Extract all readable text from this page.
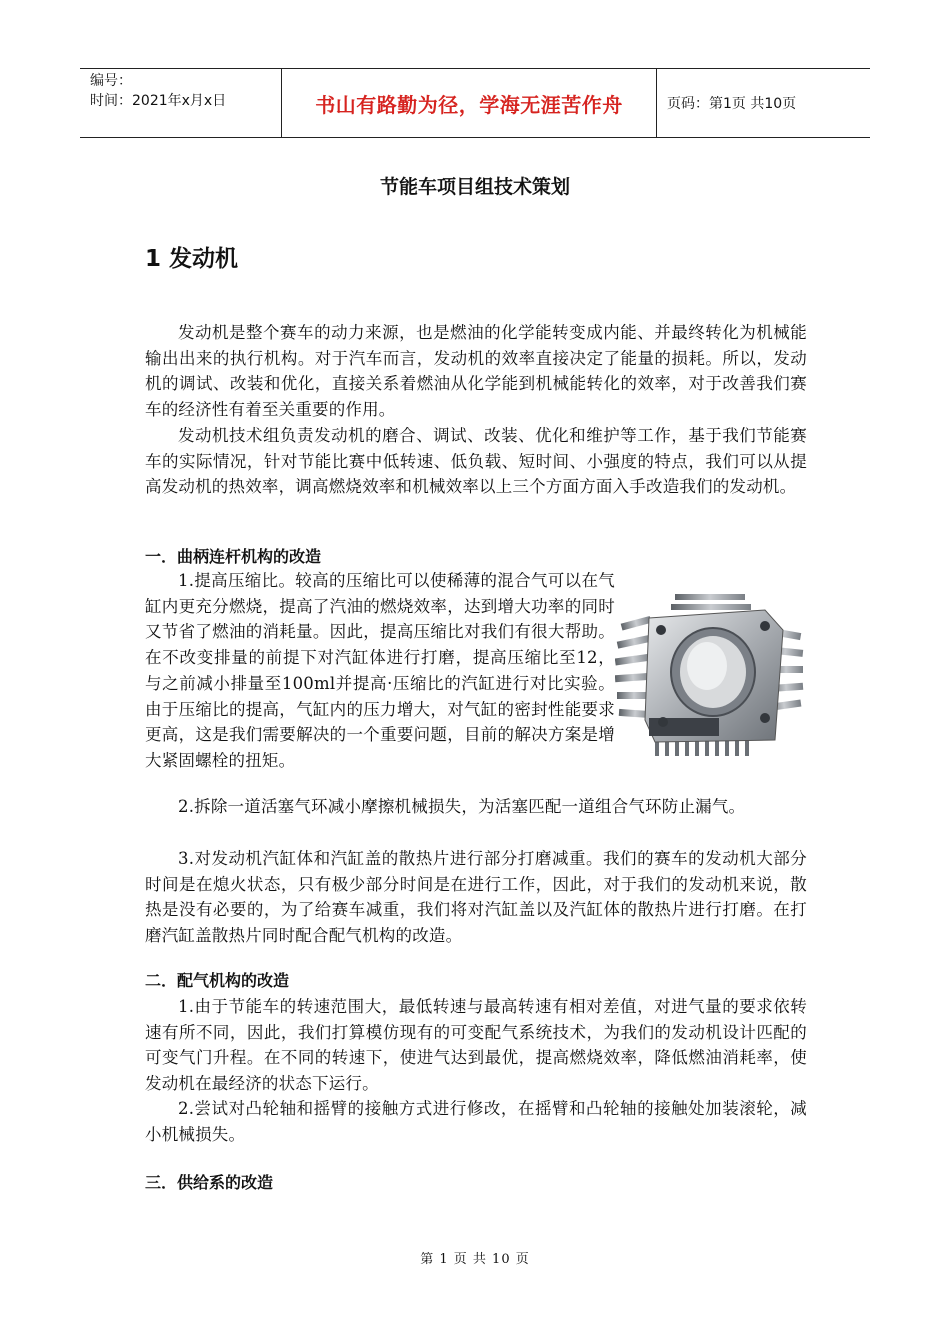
编号：
时间：2021年x月x日	书山有路勤为径，学海无涯苦作舟	页码：第1页 共10页
节能车项目组技术策划
1 发动机

发动机是整个赛车的动力来源，也是燃油的化学能转变成内能、并最终转化为机械能输出出来的执行机构。对于汽车而言，发动机的效率直接决定了能量的损耗。所以，发动机的调试、改装和优化，直接关系着燃油从化学能到机械能转化的效率，对于改善我们赛车的经济性有着至关重要的作用。

发动机技术组负责发动机的磨合、调试、改装、优化和维护等工作，基于我们节能赛车的实际情况，针对节能比赛中低转速、低负载、短时间、小强度的特点，我们可以从提高发动机的热效率，调高燃烧效率和机械效率以上三个方面方面入手改造我们的发动机。

一．曲柄连杆机构的改造

1.提高压缩比。较高的压缩比可以使稀薄的混合气可以在气缸内更充分燃烧，提高了汽油的燃烧效率，达到增大功率的同时又节省了燃油的消耗量。因此，提高压缩比对我们有很大帮助。在不改变排量的前提下对汽缸体进行打磨，提高压缩比至12，与之前减小排量至100ml并提高·压缩比的汽缸进行对比实验。由于压缩比的提高，气缸内的压力增大，对气缸的密封性能要求更高，这是我们需要解决的一个重要问题，目前的解决方案是增大紧固螺栓的扭矩。

2.拆除一道活塞气环减小摩擦机械损失，为活塞匹配一道组合气环防止漏气。

3.对发动机汽缸体和汽缸盖的散热片进行部分打磨减重。我们的赛车的发动机大部分时间是在熄火状态，只有极少部分时间是在进行工作，因此，对于我们的发动机来说，散热是没有必要的，为了给赛车减重，我们将对汽缸盖以及汽缸体的散热片进行打磨。在打磨汽缸盖散热片同时配合配气机构的改造。

二．配气机构的改造

1.由于节能车的转速范围大，最低转速与最高转速有相对差值，对进气量的要求依转速有所不同，因此，我们打算模仿现有的可变配气系统技术，为我们的发动机设计匹配的可变气门升程。在不同的转速下，使进气达到最优，提高燃烧效率，降低燃油消耗率，使发动机在最经济的状态下运行。

2.尝试对凸轮轴和摇臂的接触方式进行修改，在摇臂和凸轮轴的接触处加装滚轮，减小机械损失。

三．供给系的改造
第 1 页 共 10 页
